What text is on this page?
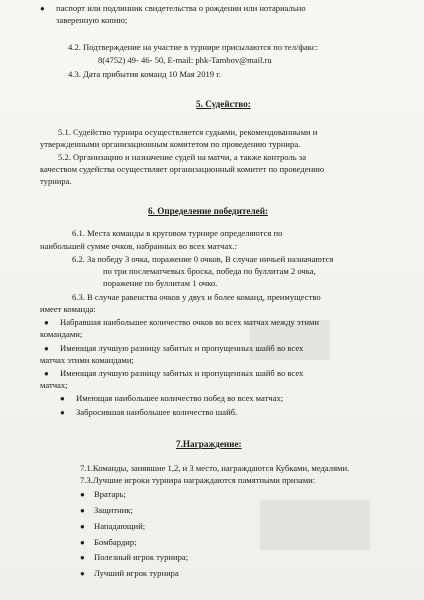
● паспорт или подлинник свидетельства о рождении или нотариально
заверенную копию;
4.2. Подтверждение на участие в турнире присылаются по тел/факс:
8(4752) 49- 46- 50, E-mail: phk-Tambov@mail.ru
4.3. Дата прибытия команд 10 Мая 2019 г.
5. Судейство:
5.1. Судейство турнира осуществляется судьями, рекомендованными и
утвержденными организационным комитетом по проведению турнира.
5.2. Организацию и назначение судей на матчи, а также контроль за
качеством судейства осуществляет организационный комитет по проведению
турнира.
6. Определение победителей:
6.1. Места команды в круговом турнире определяются по
наибольшей сумме очков, набранных во всех матчах.:
6.2. За победу 3 очка, поражение 0 очков, В случае ничьей назначаются
по три послематчевых броска, победа по буллитам 2 очка,
поражение по буллитам 1 очко.
6.3. В случае равенства очков у двух и более команд, преимущество
имеет команда:
● Набравшая наибольшее количество очков во всех матчах между этими
командами;
● Имеющая лучшую разницу забитых и пропущенных шайб во всех
матчах этими командами;
● Имеющая лучшую разницу забитых и пропущенных шайб во всех
матчах;
● Имеющая наибольшее количество побед во всех матчах;
● Забросившая наибольшее количество шайб.
7.Награждение:
7.1.Команды, занявшие 1,2, и 3 место, награждаются Кубками, медалями.
7.3.Лучшие игроки турнира награждаются памятными призами:
● Вратарь;
● Защитник;
● Нападающий;
● Бомбардир;
● Полезный игрок турнира;
● Лучший игрок турнира
